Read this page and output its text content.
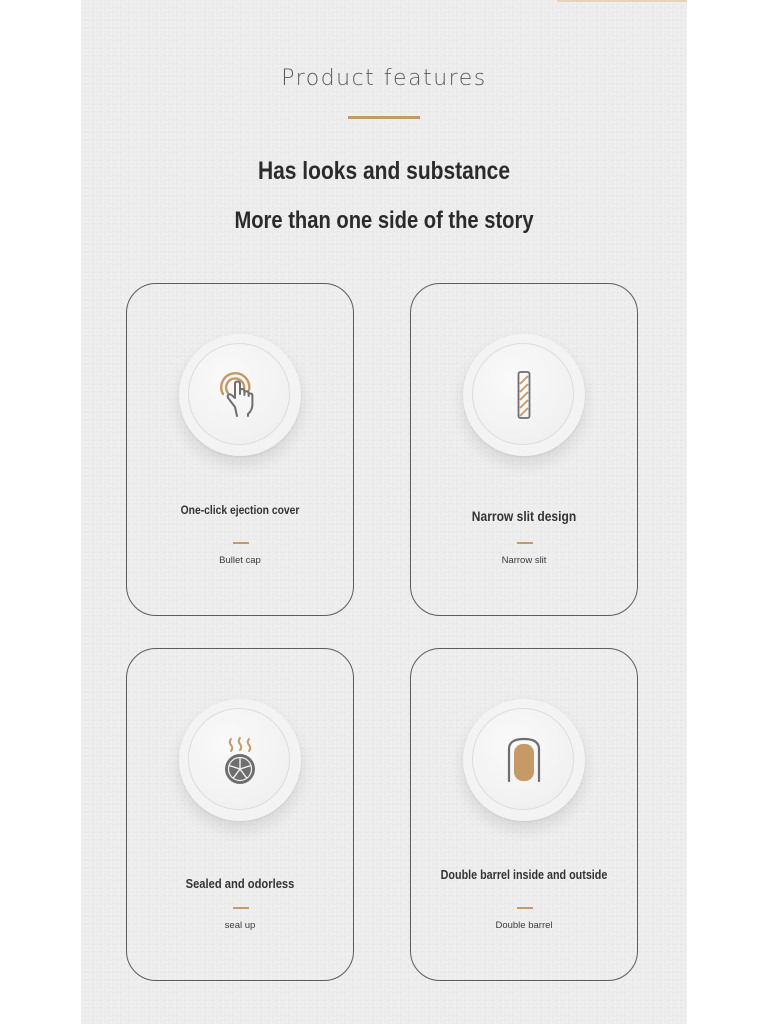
Product features
Has looks and substance
More than one side of the story
One-click ejection cover
Bullet cap
Narrow slit design
Narrow slit
Sealed and odorless
seal up
Double barrel inside and outside
Double barrel
